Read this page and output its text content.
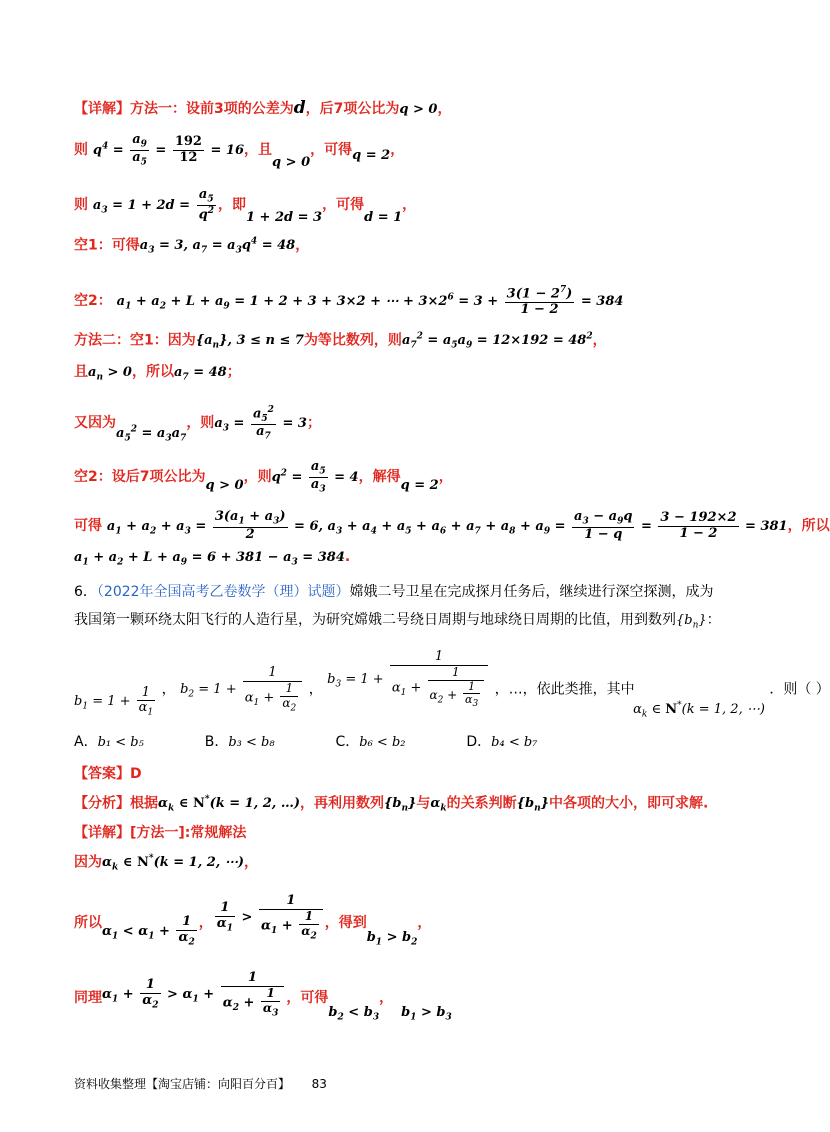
【详解】方法一：设前3项的公差为d，后7项公比为q > 0，
则 $q^4 = \frac{a_9}{a_5} = \frac{192}{12} = 16$，且q > 0，可得q = 2，
则 $a_3 = 1 + 2d = \frac{a_5}{q^2}$ ，即1 + 2d = 3，可得d = 1，
空1：可得$a_3 = 3$, $a_7 = a_3q^4 = 48$，
空2： $a_1 + a_2 + L + a_9 = 1 + 2 + 3 + 3\times 2$ + ⋯ + $3\times 2^6 = 3 + \frac{3(1 - 2^7)}{1 - 2} = 384$
方法二：空1：因为$\{a_n\}$, 3 ≤ n ≤ 7为等比数列，则$a_7^2 = a_5a_9 = 12\times 192 = 48^2$，
且$a_n > 0$，所以$a_7 = 48$；
又因为$a_5^2 = a_3a_7$，则$a_3 = \frac{a_5^2}{a_7} = 3$；
空2：设后7项公比为q > 0，则$q^2 = \frac{a_5}{a_3} = 4$，解得q = 2，
可得 $a_1 + a_2 + a_3 = \frac{3(a_1 + a_3)}{2} = 6$, $a_3 + a_4 + a_5 + a_6 + a_7 + a_8 + a_9 = \frac{a_3 - a_9q}{1 - q} = \frac{3 - 192\times 2}{1 - 2} = 381$，所以
$a_1 + a_2 + L + a_9 = 6 + 381 - a_3 = 384$.
6．（2022年全国高考乙卷数学（理）试题）嫦娥二号卫星在完成探月任务后，继续进行深空探测，成为
我国第一颗环绕太阳飞行的人造行星，为研究嫦娥二号绕日周期与地球绕日周期的比值，用到数列$\{b_n\}$：
$b_1 = 1 + \frac{1}{\alpha_1}$ ， $b_2 = 1 + \frac{1}{\alpha_1 + \frac{1}{\alpha_2}}$ ， $b_3 = 1 + \frac{1}{\alpha_1 + \frac{1}{\alpha_2 + \frac{1}{\alpha_3}}}$ ，…，依此类推，其中 $\alpha_k$ ∈ N*(k = 1, 2, ⋯) ．则（ ）
A．b₁ < b₅	B．b₃ < b₈	C．b₆ < b₂	D．b₄ < b₇
【答案】D
【分析】根据$\alpha_k$ ∈ N*(k = 1, 2, …)，再利用数列$\{b_n\}$与$\alpha_k$的关系判断$\{b_n\}$中各项的大小，即可求解.
【详解】[方法一]:常规解法
因为$\alpha_k$ ∈ N*(k = 1, 2, ⋯)，
所以$\alpha_1 < \alpha_1 + \frac{1}{\alpha_2}$ ， $\frac{1}{\alpha_1} > \frac{1}{\alpha_1 + \frac{1}{\alpha_2}}$ ，得到$b_1 > b_2$，
同理$\alpha_1 + \frac{1}{\alpha_2} > \alpha_1 + \frac{1}{\alpha_2 + \frac{1}{\alpha_3}}$ ，可得$b_2 < b_3$，$b_1 > b_3$
资料收集整理【淘宝店铺：向阳百分百】 83
